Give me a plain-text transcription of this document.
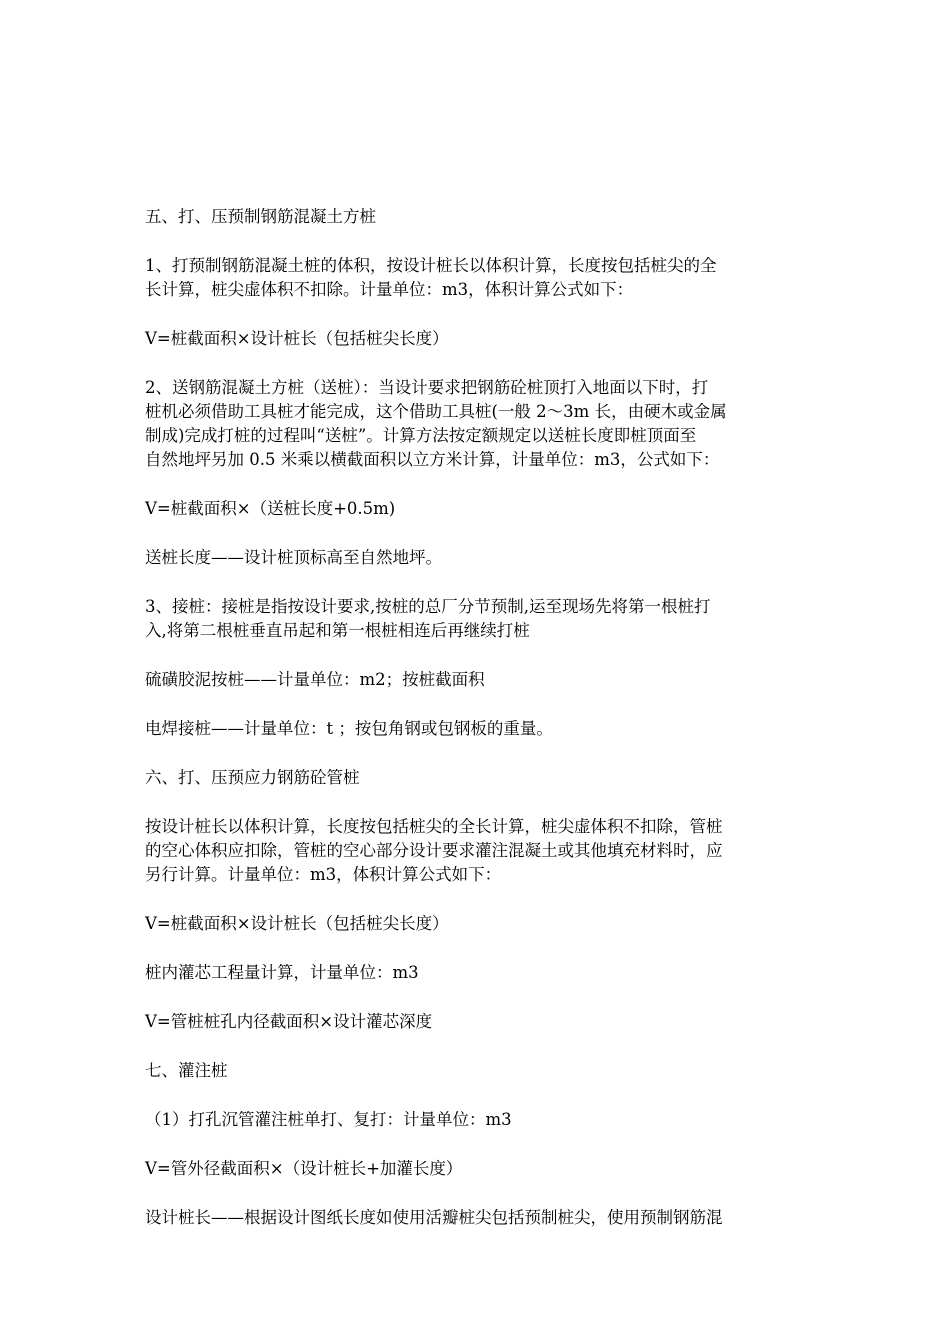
五、打、压预制钢筋混凝土方桩

1、打预制钢筋混凝土桩的体积，按设计桩长以体积计算，长度按包括桩尖的全
长计算，桩尖虚体积不扣除。计量单位：m3，体积计算公式如下：

V=桩截面积×设计桩长（包括桩尖长度）

2、送钢筋混凝土方桩（送桩）：当设计要求把钢筋砼桩顶打入地面以下时，打
桩机必须借助工具桩才能完成，这个借助工具桩(一般 2～3m 长，由硬木或金属
制成)完成打桩的过程叫“送桩”。计算方法按定额规定以送桩长度即桩顶面至
自然地坪另加 0.5 米乘以横截面积以立方米计算，计量单位：m3，公式如下：

V=桩截面积×（送桩长度+0.5m)

送桩长度——设计桩顶标高至自然地坪。

3、接桩：接桩是指按设计要求,按桩的总厂分节预制,运至现场先将第一根桩打
入,将第二根桩垂直吊起和第一根桩相连后再继续打桩

硫磺胶泥按桩——计量单位：m2；按桩截面积

电焊接桩——计量单位：t ；按包角钢或包钢板的重量。

六、打、压预应力钢筋砼管桩

按设计桩长以体积计算，长度按包括桩尖的全长计算，桩尖虚体积不扣除，管桩
的空心体积应扣除，管桩的空心部分设计要求灌注混凝土或其他填充材料时，应
另行计算。计量单位：m3，体积计算公式如下：

V=桩截面积×设计桩长（包括桩尖长度）

桩内灌芯工程量计算，计量单位：m3

V=管桩桩孔内径截面积×设计灌芯深度

七、灌注桩

（1）打孔沉管灌注桩单打、复打：计量单位：m3

V=管外径截面积×（设计桩长+加灌长度）

设计桩长——根据设计图纸长度如使用活瓣桩尖包括预制桩尖，使用预制钢筋混
